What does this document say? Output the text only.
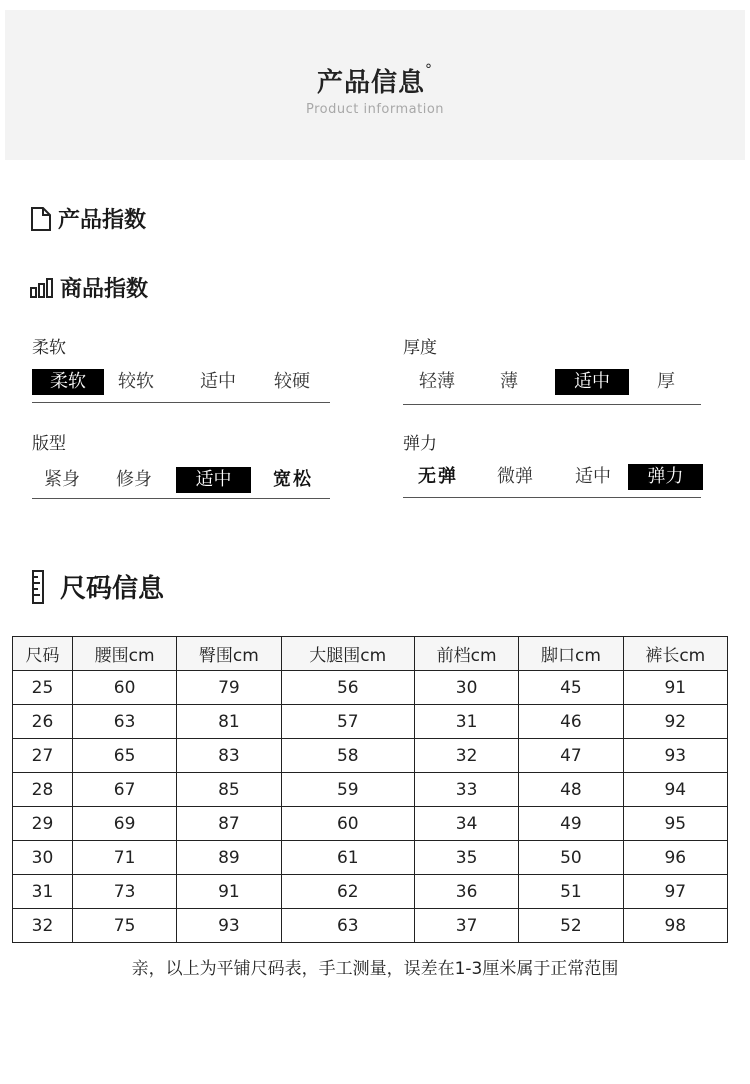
产品信息°
Product information
产品指数
商品指数
柔软
柔软	较软	适中	较硬
厚度
轻薄	薄	适中	厚
版型
紧身	修身	适中	宽松
弹力
无弹	微弹	适中	弹力
尺码信息
尺码	腰围cm	臀围cm	大腿围cm	前档cm	脚口cm	裤长cm
25	60	79	56	30	45	91
26	63	81	57	31	46	92
27	65	83	58	32	47	93
28	67	85	59	33	48	94
29	69	87	60	34	49	95
30	71	89	61	35	50	96
31	73	91	62	36	51	97
32	75	93	63	37	52	98
亲，以上为平铺尺码表，手工测量，误差在1-3厘米属于正常范围
